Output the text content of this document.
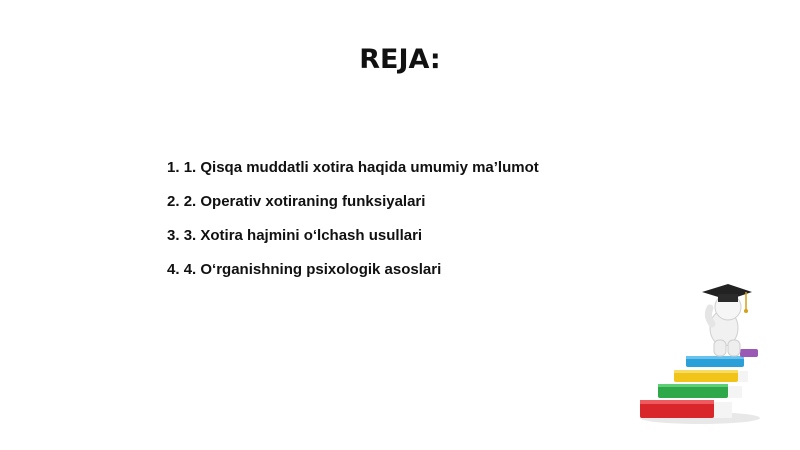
REJA:
1. 1. Qisqa muddatli xotira haqida umumiy ma’lumot
2. 2. Operativ xotiraning funksiyalari
3. 3. Xotira hajmini o‘lchash usullari
4. 4. O‘rganishning psixologik asoslari
